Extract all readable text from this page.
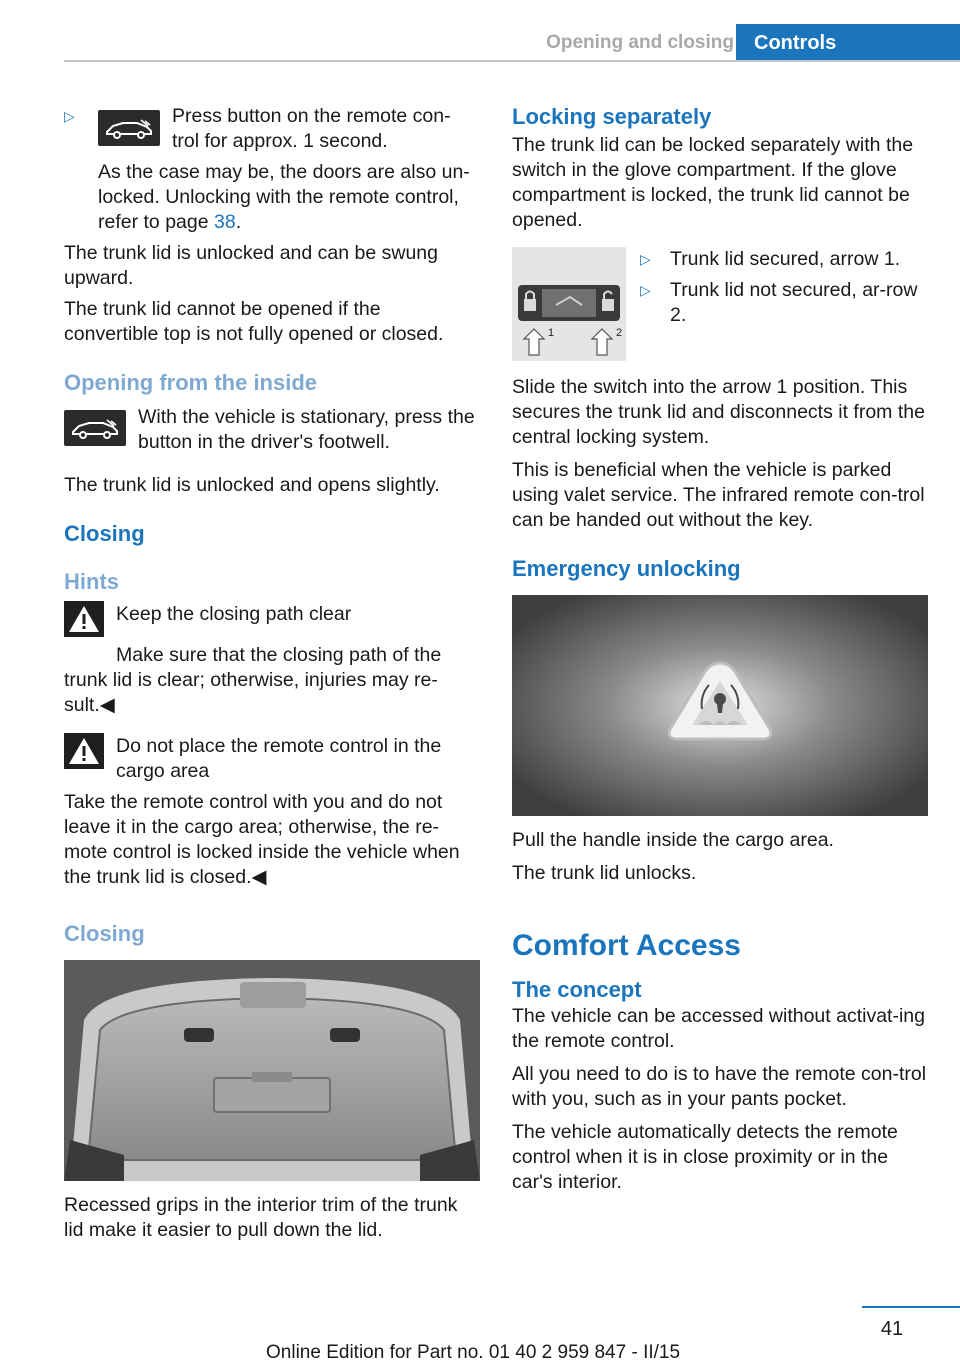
Opening and closing	Controls
▷	Press button on the remote con-

trol for approx. 1 second.

As the case may be, the doors are also un-locked. Unlocking with the remote control, refer to page 38.

The trunk lid is unlocked and can be swung upward.

The trunk lid cannot be opened if the convertible top is not fully opened or closed.

Opening from the inside

With the vehicle is stationary, press the button in the driver's footwell.

The trunk lid is unlocked and opens slightly.

Closing
Hints

Keep the closing path clear

Make sure that the closing path of the trunk lid is clear; otherwise, injuries may re-sult.◀

Do not place the remote control in the cargo area

Take the remote control with you and do not leave it in the cargo area; otherwise, the re-mote control is locked inside the vehicle when the trunk lid is closed.◀

Closing

Recessed grips in the interior trim of the trunk lid make it easier to pull down the lid.

Locking separately

The trunk lid can be locked separately with the switch in the glove compartment. If the glove compartment is locked, the trunk lid cannot be opened.

1	2
▷ Trunk lid secured, arrow 1.

▷ Trunk lid not secured, ar-row 2.

Slide the switch into the arrow 1 position. This secures the trunk lid and disconnects it from the central locking system.

This is beneficial when the vehicle is parked using valet service. The infrared remote con-trol can be handed out without the key.

Emergency unlocking

Pull the handle inside the cargo area.

The trunk lid unlocks.

Comfort Access
The concept

The vehicle can be accessed without activat-ing the remote control.

All you need to do is to have the remote con-trol with you, such as in your pants pocket.

The vehicle automatically detects the remote control when it is in close proximity or in the car's interior.

41
Online Edition for Part no. 01 40 2 959 847 - II/15
